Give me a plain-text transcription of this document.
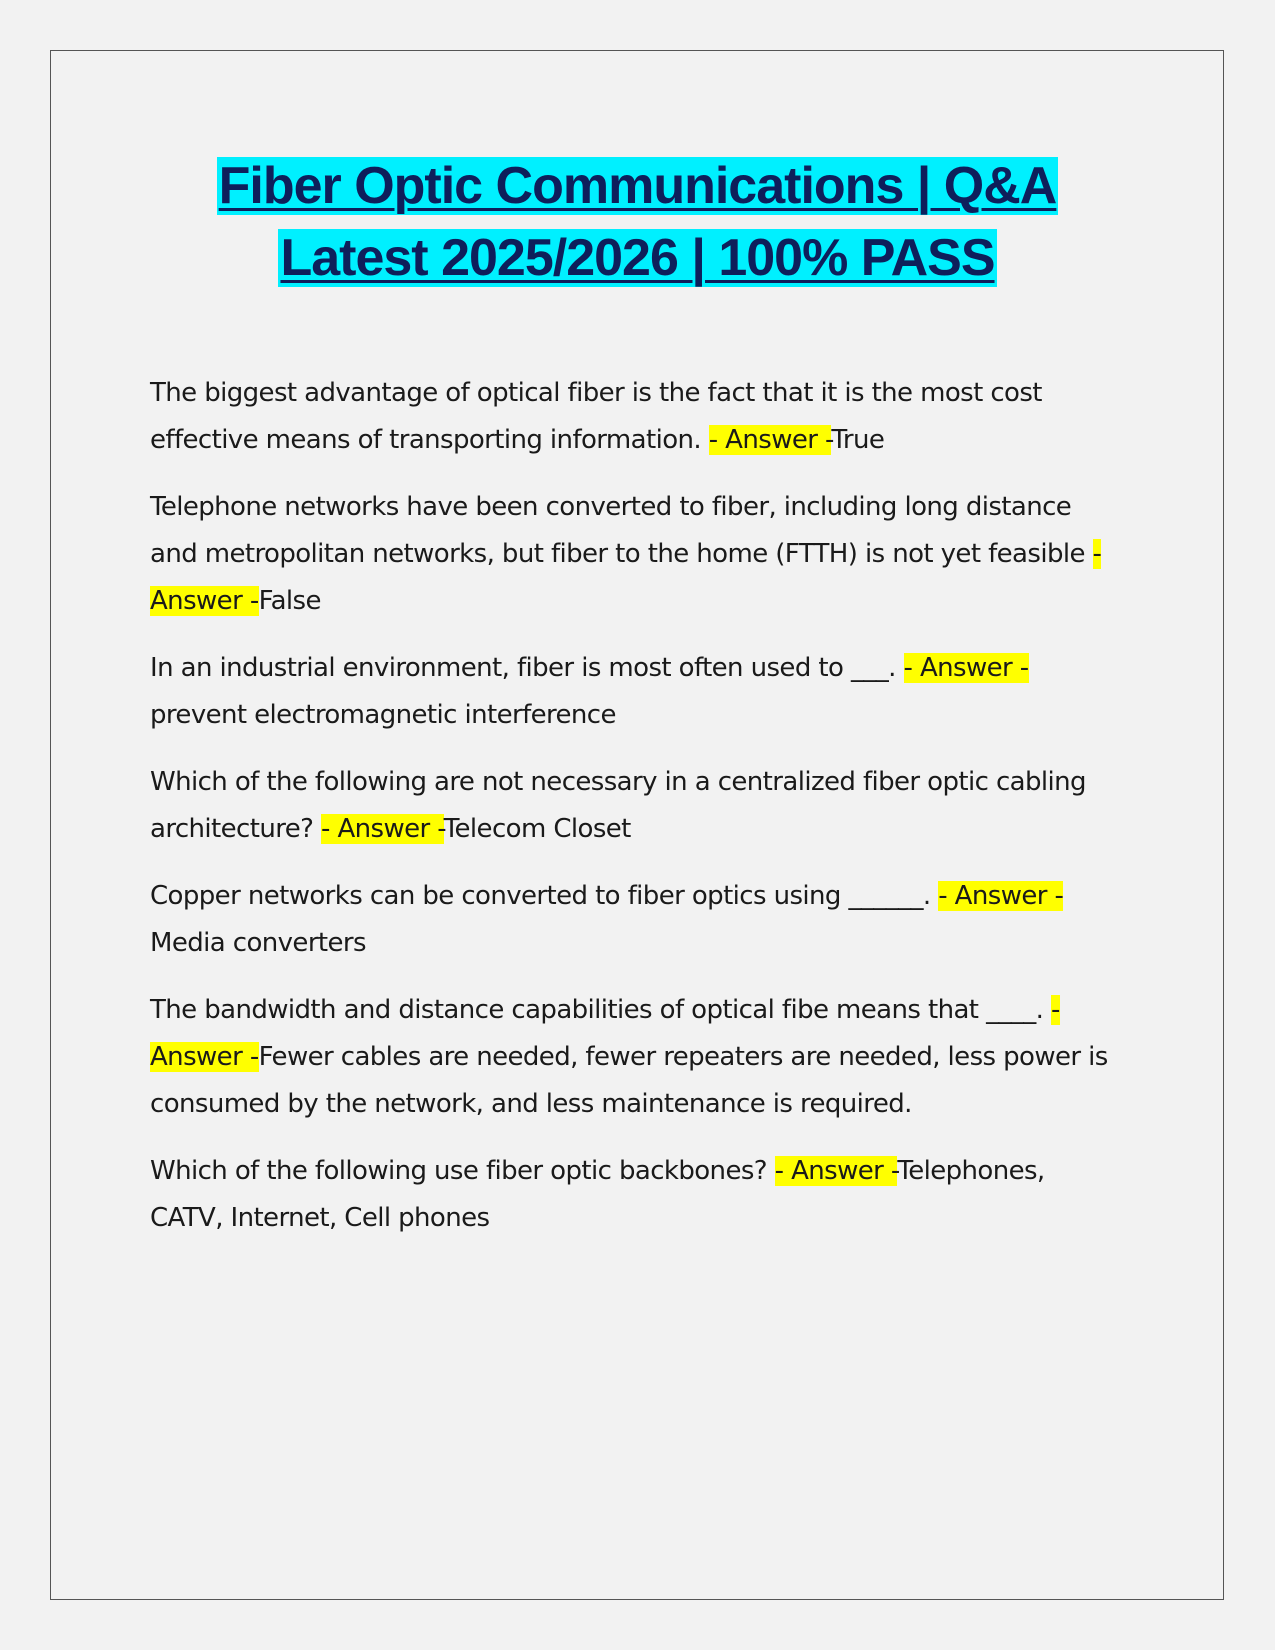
Fiber Optic Communications | Q&A
Latest 2025/2026 | 100% PASS

The biggest advantage of optical fiber is the fact that it is the most cost effective means of transporting information. - Answer -True

Telephone networks have been converted to fiber, including long distance and metropolitan networks, but fiber to the home (FTTH) is not yet feasible - Answer -False

In an industrial environment, fiber is most often used to ___. - Answer -prevent electromagnetic interference

Which of the following are not necessary in a centralized fiber optic cabling architecture? - Answer -Telecom Closet

Copper networks can be converted to fiber optics using ______. - Answer -Media converters

The bandwidth and distance capabilities of optical fibe means that ____. - Answer -Fewer cables are needed, fewer repeaters are needed, less power is consumed by the network, and less maintenance is required.

Which of the following use fiber optic backbones? - Answer -Telephones, CATV, Internet, Cell phones
